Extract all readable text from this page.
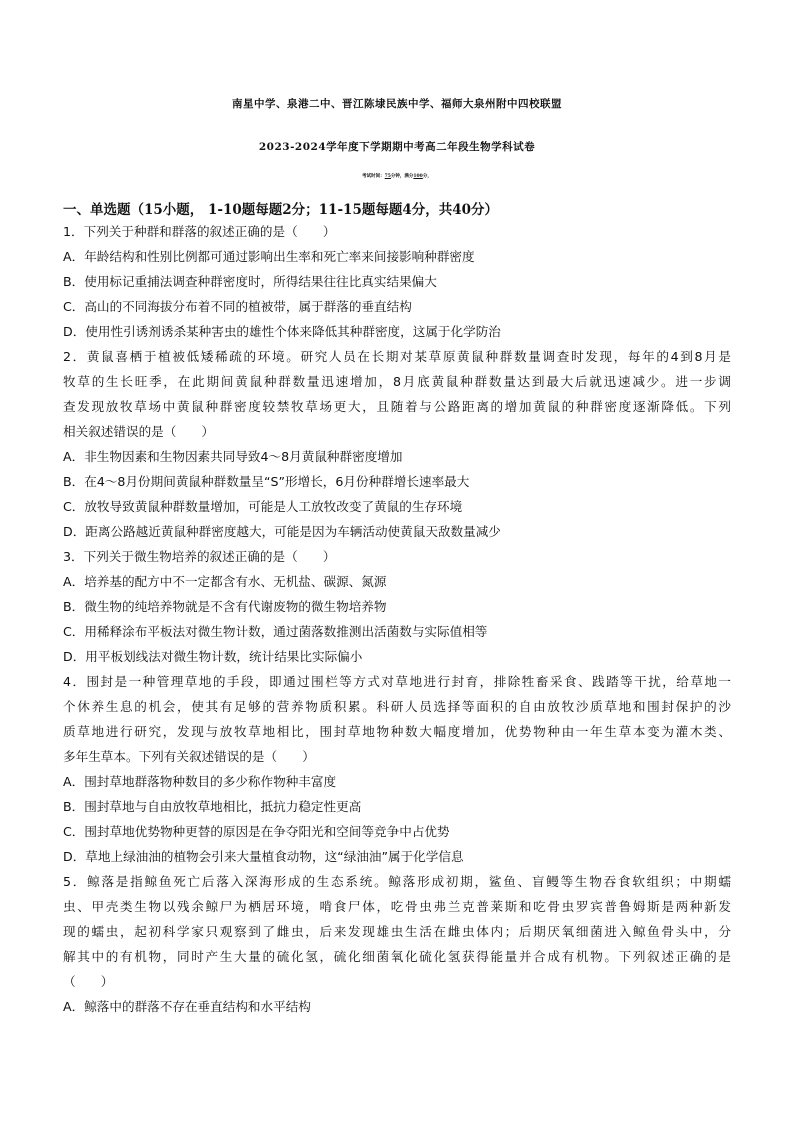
南星中学、泉港二中、晋江陈埭民族中学、福师大泉州附中四校联盟
2023-2024学年度下学期期中考高二年段生物学科试卷
考试时间：75分钟，满分100分，
一、单选题（15小题， 1-10题每题2分；11-15题每题4分，共40分）
1．下列关于种群和群落的叙述正确的是（　　）
A．年龄结构和性别比例都可通过影响出生率和死亡率来间接影响种群密度
B．使用标记重捕法调查种群密度时，所得结果往往比真实结果偏大
C．高山的不同海拔分布着不同的植被带，属于群落的垂直结构
D．使用性引诱剂诱杀某种害虫的雄性个体来降低其种群密度，这属于化学防治
2．黄鼠喜栖于植被低矮稀疏的环境。研究人员在长期对某草原黄鼠种群数量调查时发现，每年的4到8月是
牧草的生长旺季，在此期间黄鼠种群数量迅速增加，8月底黄鼠种群数量达到最大后就迅速减少。进一步调
查发现放牧草场中黄鼠种群密度较禁牧草场更大，且随着与公路距离的增加黄鼠的种群密度逐渐降低。下列
相关叙述错误的是（　　）
A．非生物因素和生物因素共同导致4～8月黄鼠种群密度增加
B．在4～8月份期间黄鼠种群数量呈“S”形增长，6月份种群增长速率最大
C．放牧导致黄鼠种群数量增加，可能是人工放牧改变了黄鼠的生存环境
D．距离公路越近黄鼠种群密度越大，可能是因为车辆活动使黄鼠天敌数量减少
3．下列关于微生物培养的叙述正确的是（　　）
A．培养基的配方中不一定都含有水、无机盐、碳源、氮源
B．微生物的纯培养物就是不含有代谢废物的微生物培养物
C．用稀释涂布平板法对微生物计数，通过菌落数推测出活菌数与实际值相等
D．用平板划线法对微生物计数，统计结果比实际偏小
4．围封是一种管理草地的手段，即通过围栏等方式对草地进行封育，排除牲畜采食、践踏等干扰，给草地一
个休养生息的机会，使其有足够的营养物质积累。科研人员选择等面积的自由放牧沙质草地和围封保护的沙
质草地进行研究，发现与放牧草地相比，围封草地物种数大幅度增加，优势物种由一年生草本变为灌木类、
多年生草本。下列有关叙述错误的是（　　）
A．围封草地群落物种数目的多少称作物种丰富度
B．围封草地与自由放牧草地相比，抵抗力稳定性更高
C．围封草地优势物种更替的原因是在争夺阳光和空间等竞争中占优势
D．草地上绿油油的植物会引来大量植食动物，这“绿油油”属于化学信息
5．鲸落是指鲸鱼死亡后落入深海形成的生态系统。鲸落形成初期，鲨鱼、盲鳗等生物吞食软组织；中期蠕
虫、甲壳类生物以残余鲸尸为栖居环境，啃食尸体，吃骨虫弗兰克普莱斯和吃骨虫罗宾普鲁姆斯是两种新发
现的蠕虫，起初科学家只观察到了雌虫，后来发现雄虫生活在雌虫体内；后期厌氧细菌进入鲸鱼骨头中，分
解其中的有机物，同时产生大量的硫化氢，硫化细菌氧化硫化氢获得能量并合成有机物。下列叙述正确的是
（　　）
A．鲸落中的群落不存在垂直结构和水平结构
